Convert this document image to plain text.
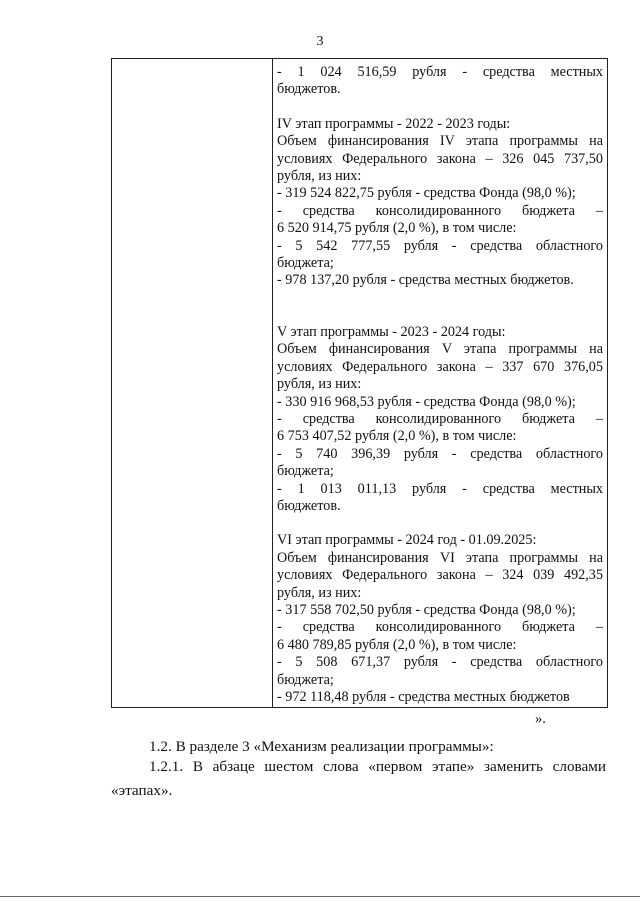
3
- 1 024 516,59 рубля - средства местных
бюджетов.
IV этап программы - 2022 - 2023 годы:
Объем финансирования IV этапа программы на
условиях Федерального закона – 326 045 737,50
рубля, из них:
- 319 524 822,75 рубля - средства Фонда (98,0 %);
- средства консолидированного бюджета –
6 520 914,75 рубля (2,0 %), в том числе:
- 5 542 777,55 рубля - средства областного
бюджета;
- 978 137,20 рубля - средства местных бюджетов.
V этап программы - 2023 - 2024 годы:
Объем финансирования V этапа программы на
условиях Федерального закона – 337 670 376,05
рубля, из них:
- 330 916 968,53 рубля - средства Фонда (98,0 %);
- средства консолидированного бюджета –
6 753 407,52 рубля (2,0 %), в том числе:
- 5 740 396,39 рубля - средства областного
бюджета;
- 1 013 011,13 рубля - средства местных
бюджетов.
VI этап программы - 2024 год - 01.09.2025:
Объем финансирования VI этапа программы на
условиях Федерального закона – 324 039 492,35
рубля, из них:
- 317 558 702,50 рубля - средства Фонда (98,0 %);
- средства консолидированного бюджета –
6 480 789,85 рубля (2,0 %), в том числе:
- 5 508 671,37 рубля - средства областного
бюджета;
- 972 118,48 рубля - средства местных бюджетов
».
1.2. В разделе 3 «Механизм реализации программы»:
1.2.1. В абзаце шестом слова «первом этапе» заменить словами
«этапах».
